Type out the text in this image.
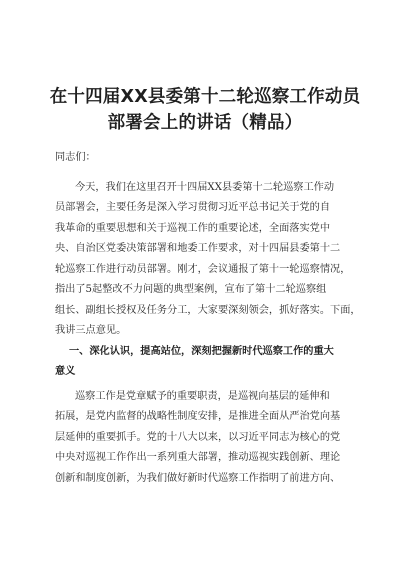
在十四届XX县委第十二轮巡察工作动员
部署会上的讲话（精品）
同志们：
今天，我们在这里召开十四届XX县委第十二轮巡察工作动
员部署会，主要任务是深入学习贯彻习近平总书记关于党的自
我革命的重要思想和关于巡视工作的重要论述，全面落实党中
央、自治区党委决策部署和地委工作要求，对十四届县委第十二
轮巡察工作进行动员部署。刚才，会议通报了第十一轮巡察情况，
指出了5起整改不力问题的典型案例，宣布了第十二轮巡察组
组长、副组长授权及任务分工，大家要深刻领会，抓好落实。下面，
我讲三点意见。
一、深化认识，提高站位，深刻把握新时代巡察工作的重大
意义
巡察工作是党章赋予的重要职责，是巡视向基层的延伸和
拓展，是党内监督的战略性制度安排，是推进全面从严治党向基
层延伸的重要抓手。党的十八大以来，以习近平同志为核心的党
中央对巡视工作作出一系列重大部署，推动巡视实践创新、理论
创新和制度创新，为我们做好新时代巡察工作指明了前进方向、
